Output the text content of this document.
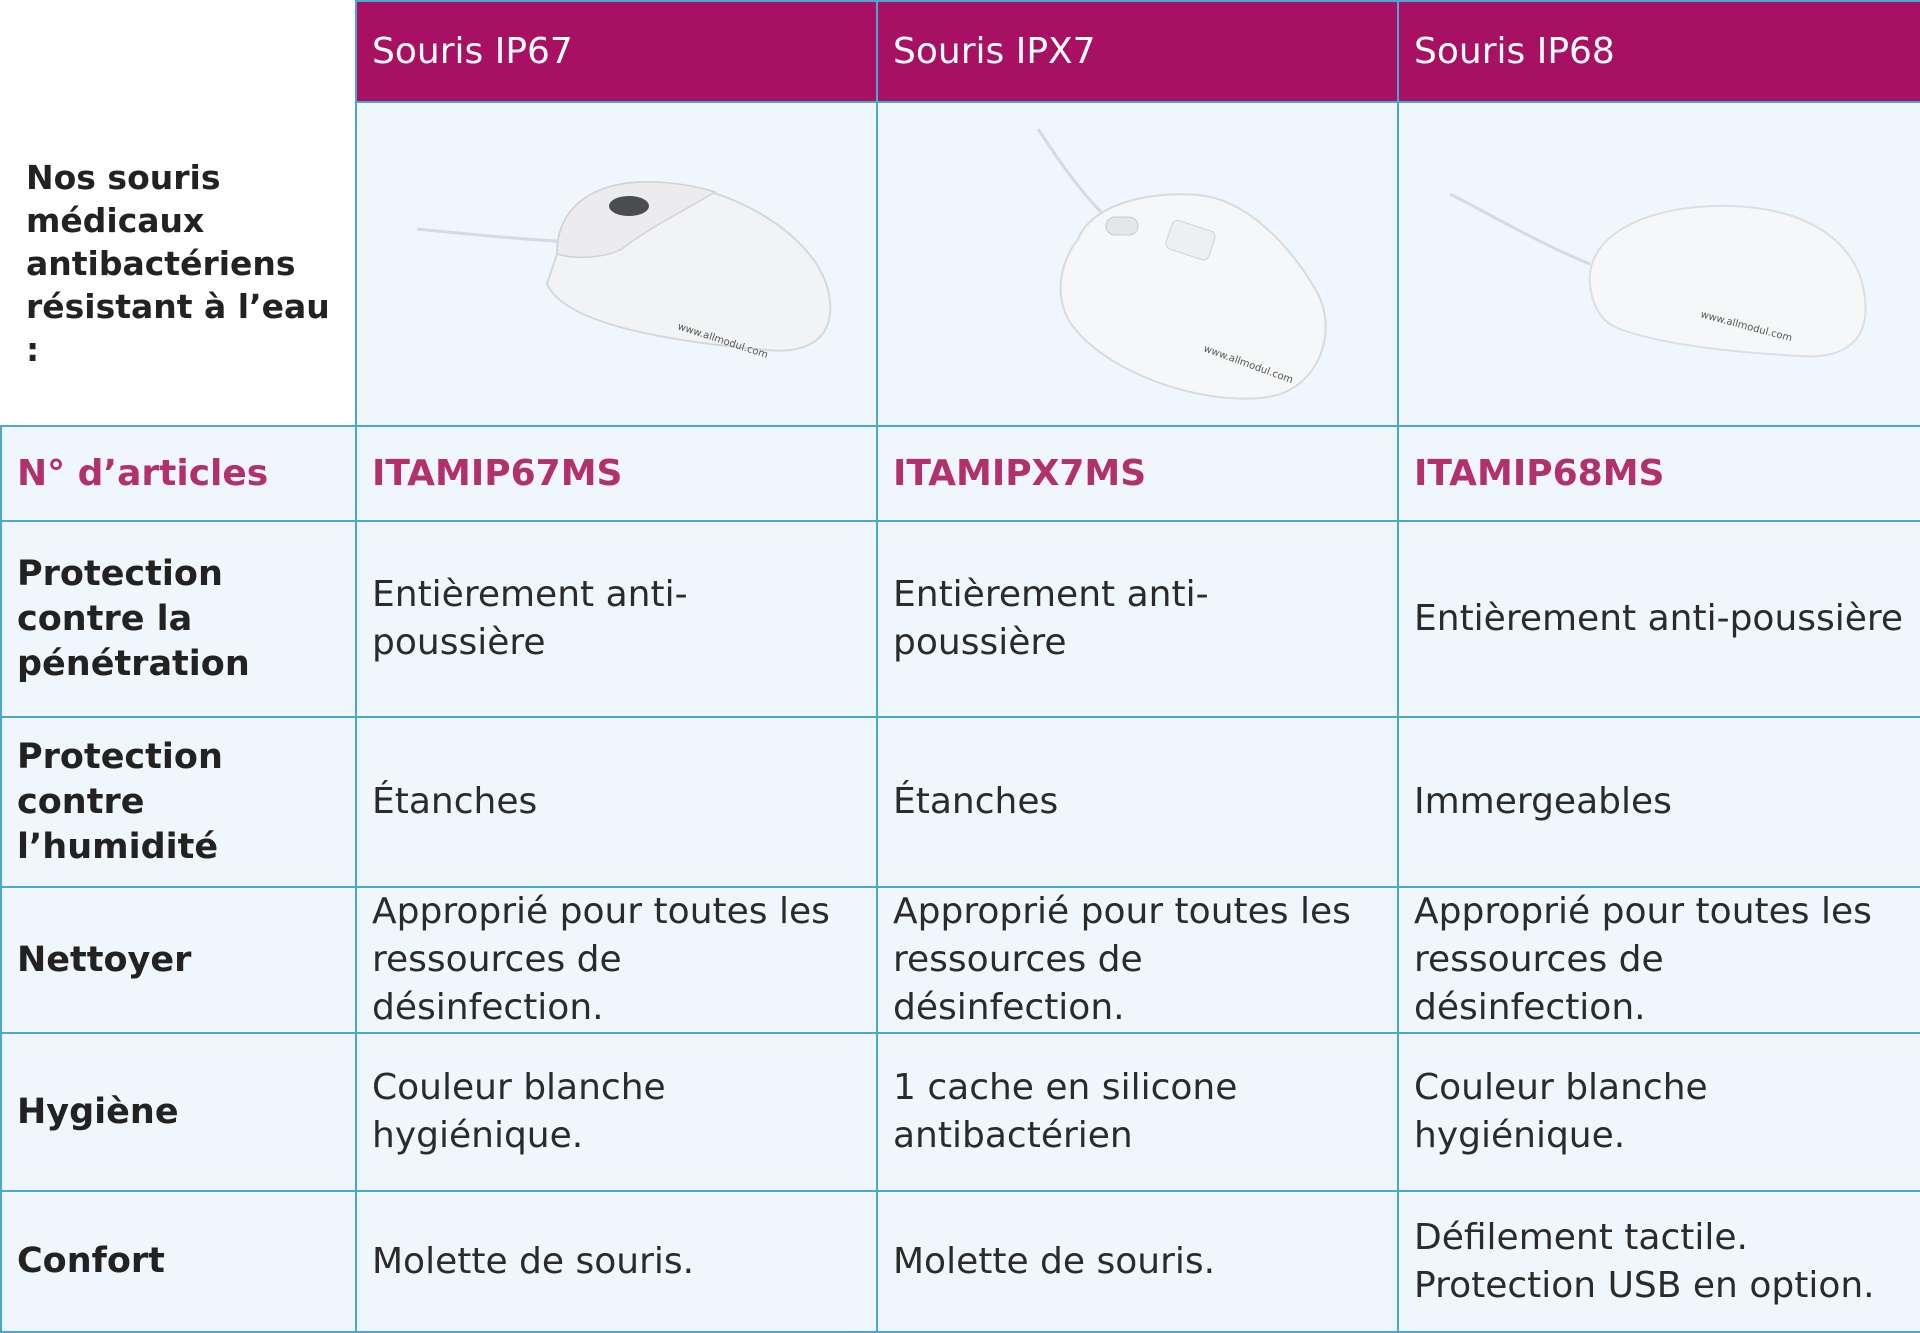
	Souris IP67	Souris IPX7	Souris IP68
Nos souris médicaux antibactériens résistant à l’eau :	www.allmodul.com	www.allmodul.com	www.allmodul.com

N° d’articles	ITAMIP67MS	ITAMIPX7MS	ITAMIP68MS
Protection contre la pénétration	Entièrement anti-poussière	Entièrement anti-poussière	Entièrement anti-poussière
Protection contre l’humidité	Étanches	Étanches	Immergeables
Nettoyer	Approprié pour toutes les ressources de désinfection.	Approprié pour toutes les ressources de désinfection.	Approprié pour toutes les ressources de désinfection.
Hygiène	Couleur blanche hygiénique.	1 cache en silicone antibactérien	Couleur blanche hygiénique.
Confort	Molette de souris.	Molette de souris.	Défilement tactile. Protection USB en option.
